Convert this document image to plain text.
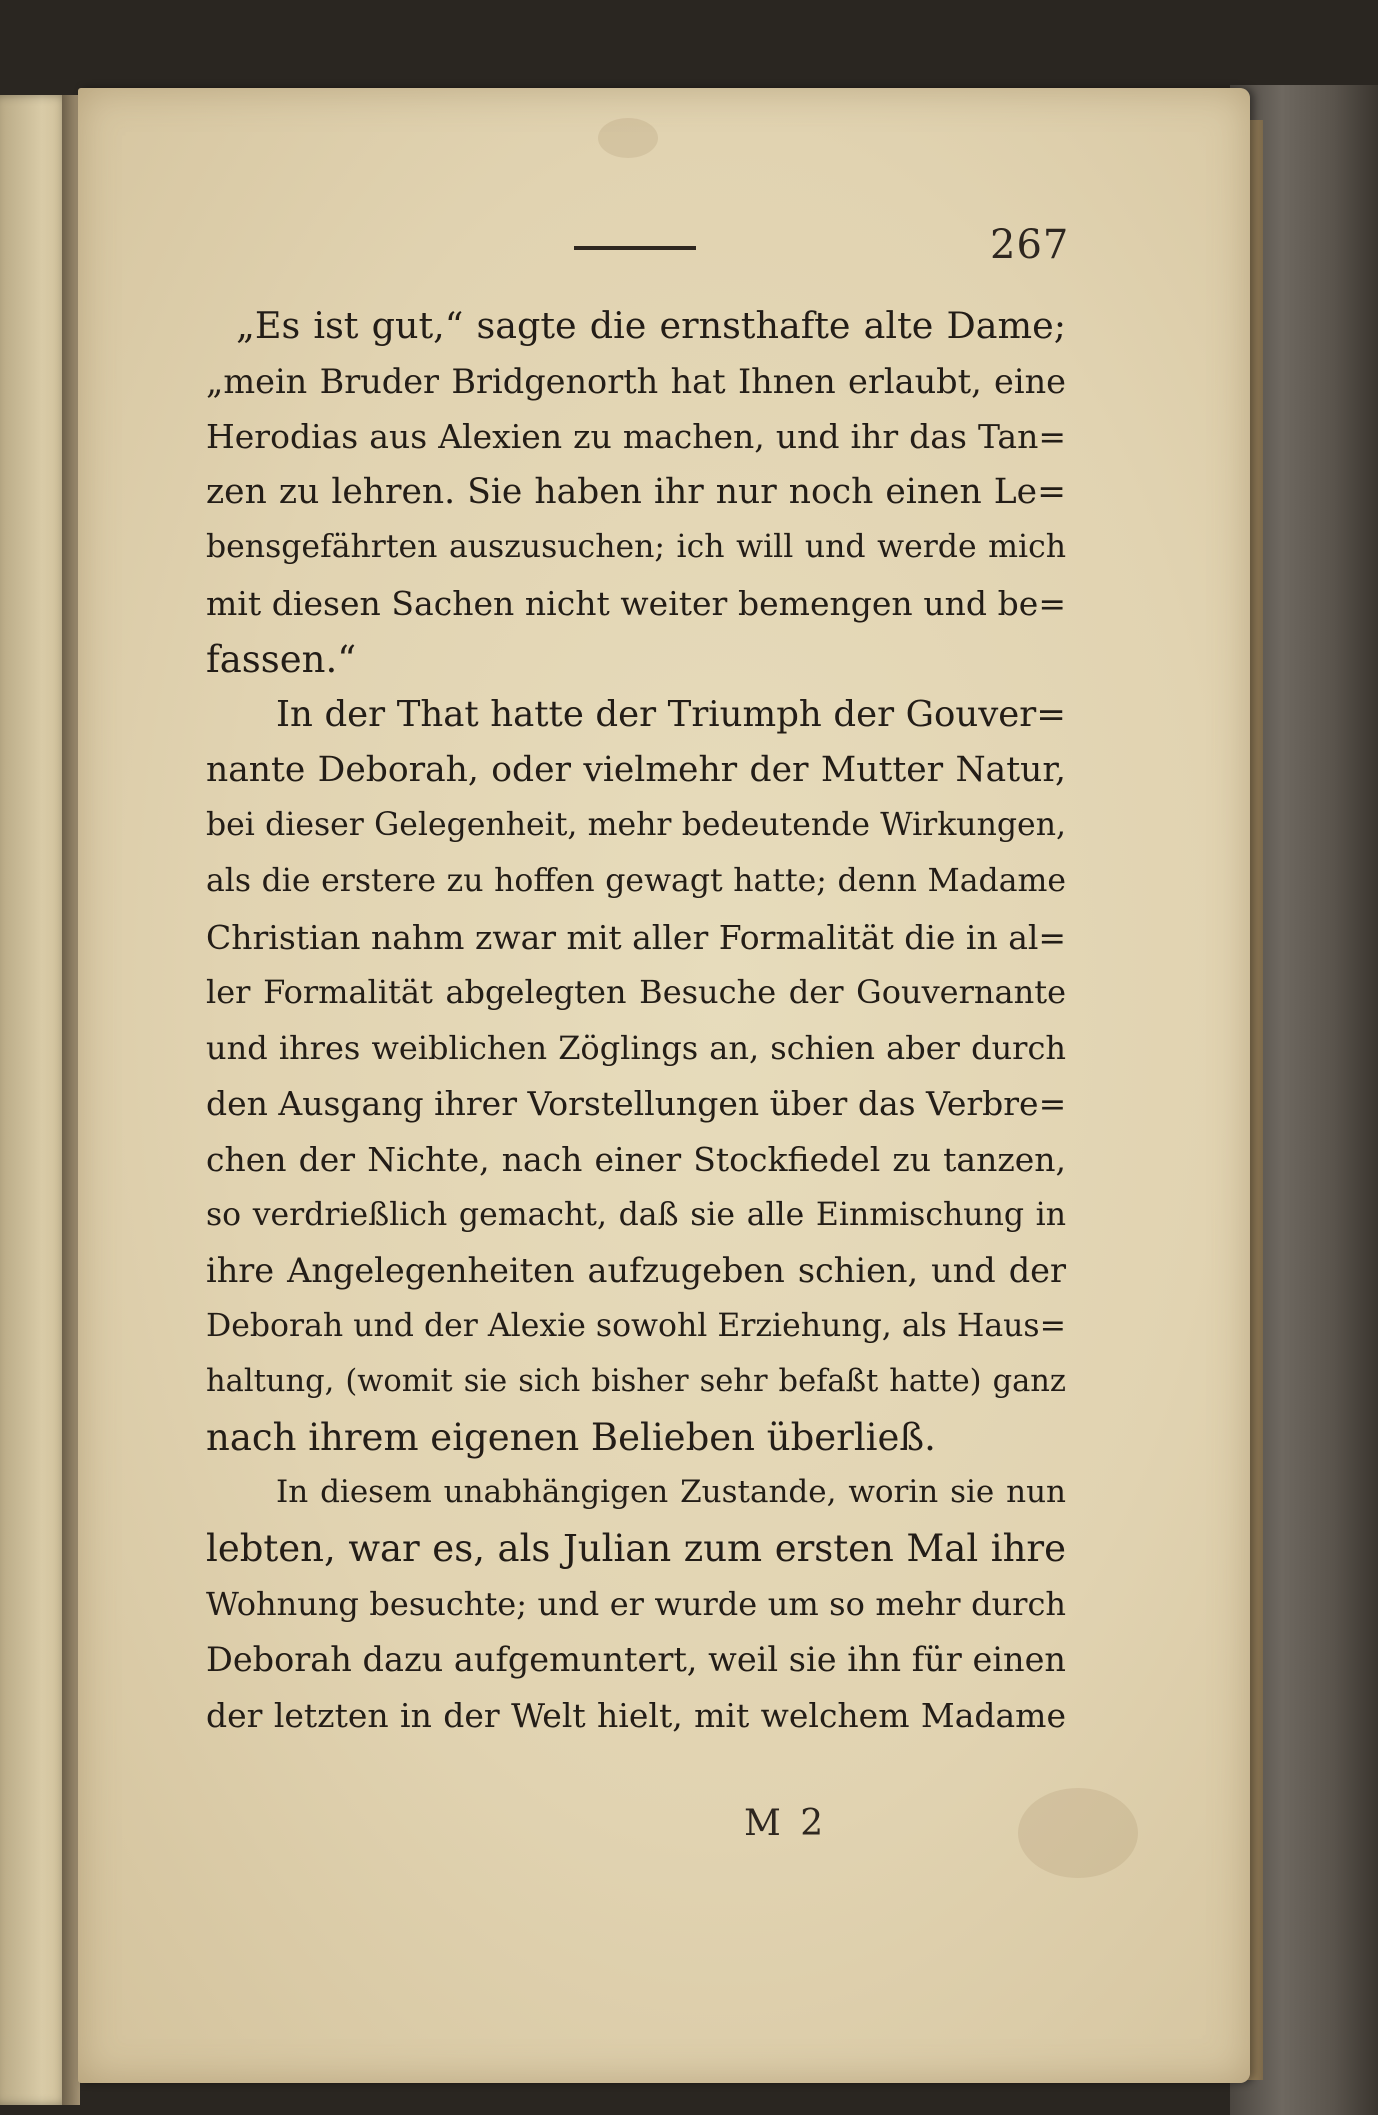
267
„Es ist gut,“ sagte die ernsthafte alte Dame;
„mein Bruder Bridgenorth hat Ihnen erlaubt, eine
Herodias aus Alexien zu machen, und ihr das Tan=
zen zu lehren. Sie haben ihr nur noch einen Le=
bensgefährten auszusuchen; ich will und werde mich
mit diesen Sachen nicht weiter bemengen und be=
fassen.“
In der That hatte der Triumph der Gouver=
nante Deborah, oder vielmehr der Mutter Natur,
bei dieser Gelegenheit, mehr bedeutende Wirkungen,
als die erstere zu hoffen gewagt hatte; denn Madame
Christian nahm zwar mit aller Formalität die in al=
ler Formalität abgelegten Besuche der Gouvernante
und ihres weiblichen Zöglings an, schien aber durch
den Ausgang ihrer Vorstellungen über das Verbre=
chen der Nichte, nach einer Stockfiedel zu tanzen,
so verdrießlich gemacht, daß sie alle Einmischung in
ihre Angelegenheiten aufzugeben schien, und der
Deborah und der Alexie sowohl Erziehung, als Haus=
haltung, (womit sie sich bisher sehr befaßt hatte) ganz
nach ihrem eigenen Belieben überließ.
In diesem unabhängigen Zustande, worin sie nun
lebten, war es, als Julian zum ersten Mal ihre
Wohnung besuchte; und er wurde um so mehr durch
Deborah dazu aufgemuntert, weil sie ihn für einen
der letzten in der Welt hielt, mit welchem Madame
M 2
